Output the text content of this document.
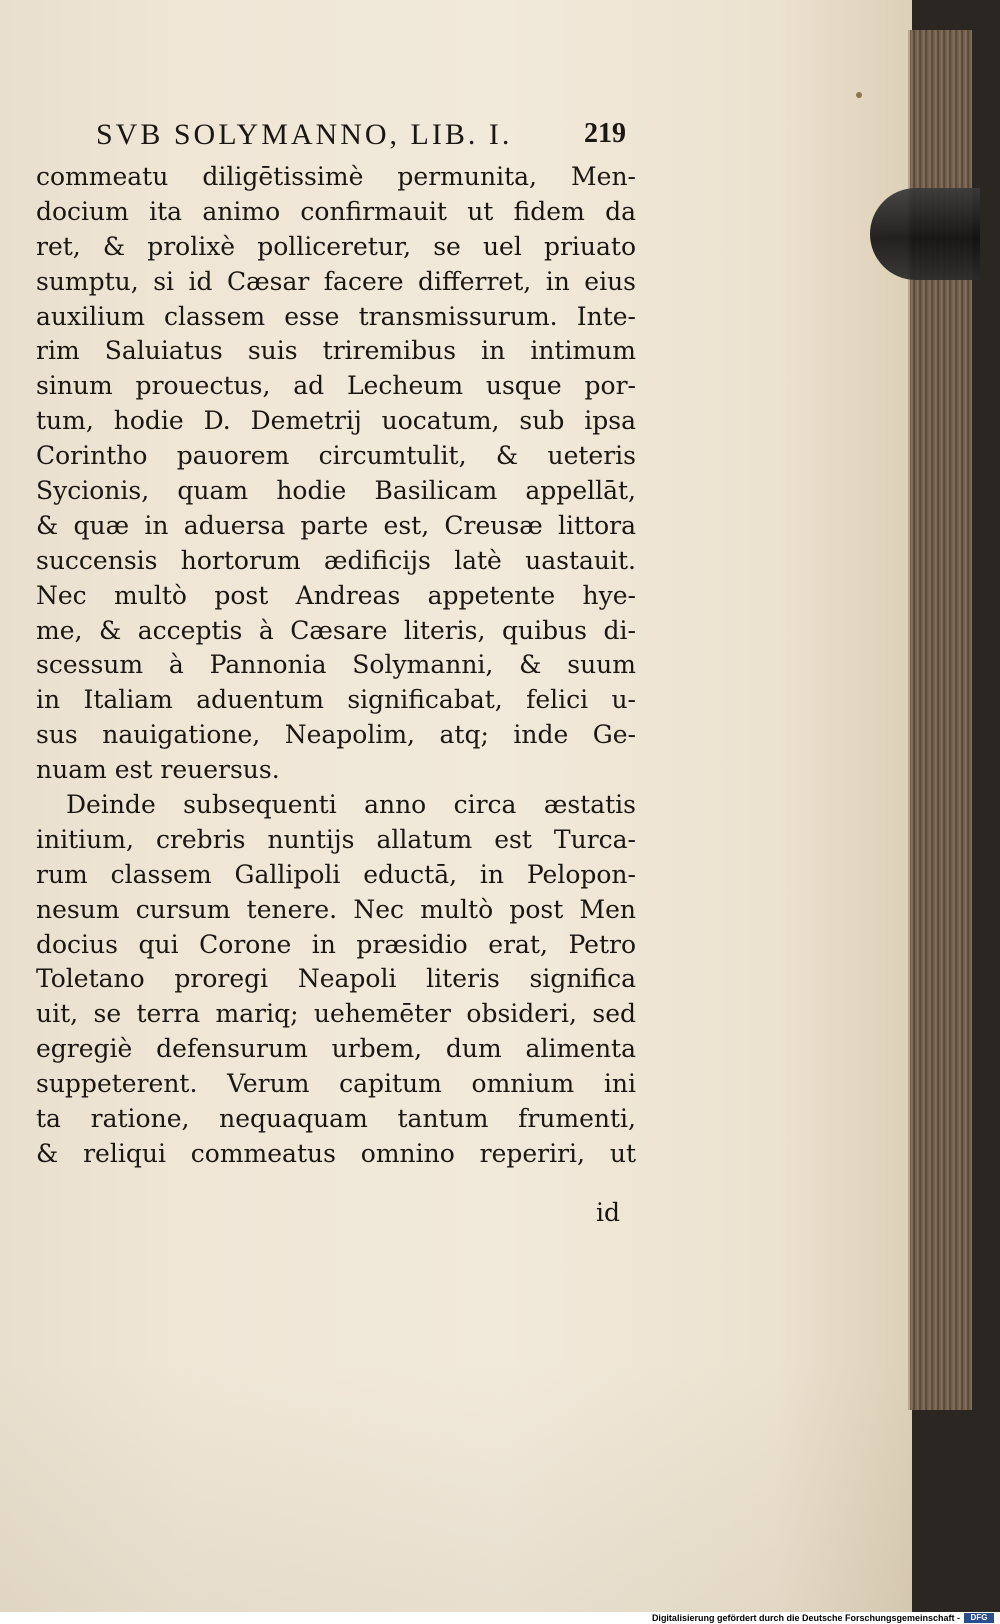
SVB SOLYMANNO, LIB. I.	219
commeatu diligētissimè permunita, Men-
docium ita animo confirmauit ut fidem da
ret, & prolixè polliceretur, se uel priuato
sumptu, si id Cæsar facere differret, in eius
auxilium classem esse transmissurum. Inte-
rim Saluiatus suis triremibus in intimum
sinum prouectus, ad Lecheum usque por-
tum, hodie D. Demetrij uocatum, sub ipsa
Corintho pauorem circumtulit, & ueteris
Sycionis, quam hodie Basilicam appellāt,
& quæ in aduersa parte est, Creusæ littora
succensis hortorum ædificijs latè uastauit.
Nec multò post Andreas appetente hye-
me, & acceptis à Cæsare literis, quibus di-
scessum à Pannonia Solymanni, & suum
in Italiam aduentum significabat, felici u-
sus nauigatione, Neapolim, atq; inde Ge-
nuam est reuersus.
Deinde subsequenti anno circa æstatis
initium, crebris nuntijs allatum est Turca-
rum classem Gallipoli eductā, in Pelopon-
nesum cursum tenere. Nec multò post Men
docius qui Corone in præsidio erat, Petro
Toletano proregi Neapoli literis significa
uit, se terra mariq; uehemēter obsideri, sed
egregiè defensurum urbem, dum alimenta
suppeterent. Verum capitum omnium ini
ta ratione, nequaquam tantum frumenti,
& reliqui commeatus omnino reperiri, ut
id
Digitalisierung gefördert durch die Deutsche Forschungsgemeinschaft -	DFG
